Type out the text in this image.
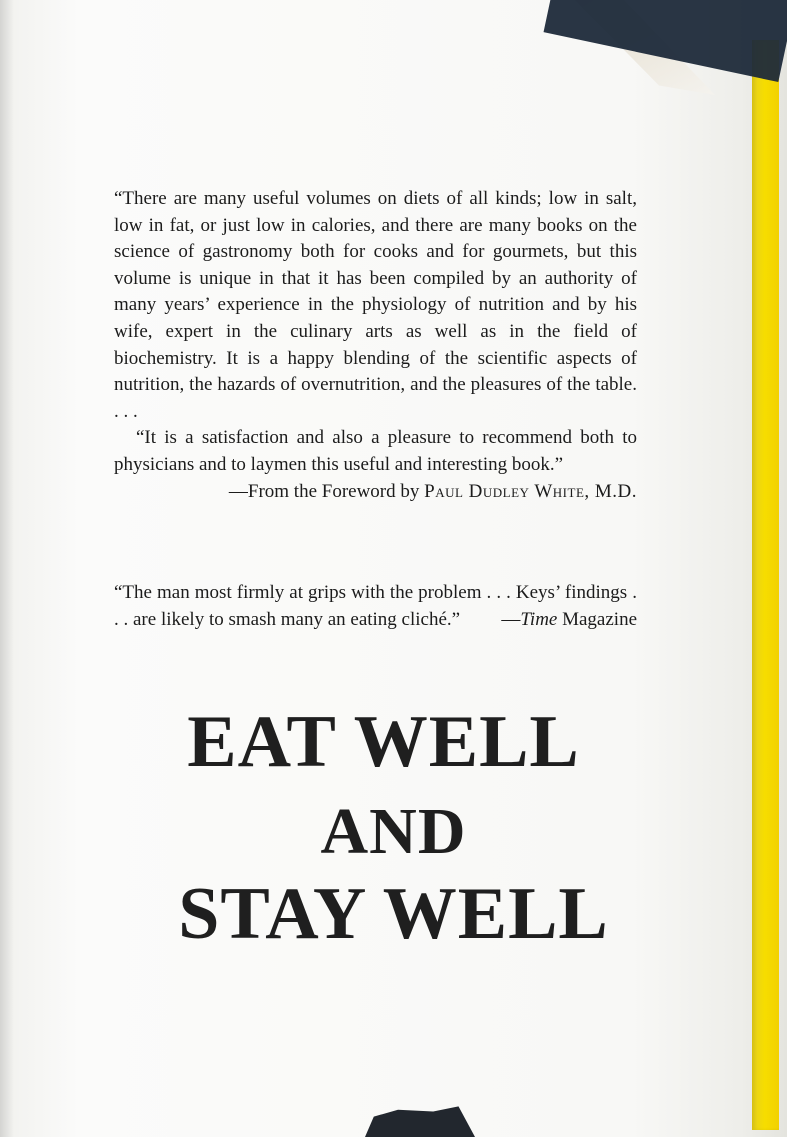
“There are many useful volumes on diets of all kinds; low in salt, low in fat, or just low in calories, and there are many books on the science of gastronomy both for cooks and for gourmets, but this volume is unique in that it has been compiled by an authority of many years’ experience in the physiology of nutrition and by his wife, expert in the culinary arts as well as in the field of biochemistry. It is a happy blending of the scientific aspects of nutrition, the hazards of overnutrition, and the pleasures of the table. . . .

“It is a satisfaction and also a pleasure to recommend both to physicians and to laymen this useful and interesting book.”

—From the Foreword by Paul Dudley White, M.D.

“The man most firmly at grips with the problem . . . Keys’ findings . . . are likely to smash many an eating cliché.” —Time Magazine

EAT WELL
AND
STAY WELL
